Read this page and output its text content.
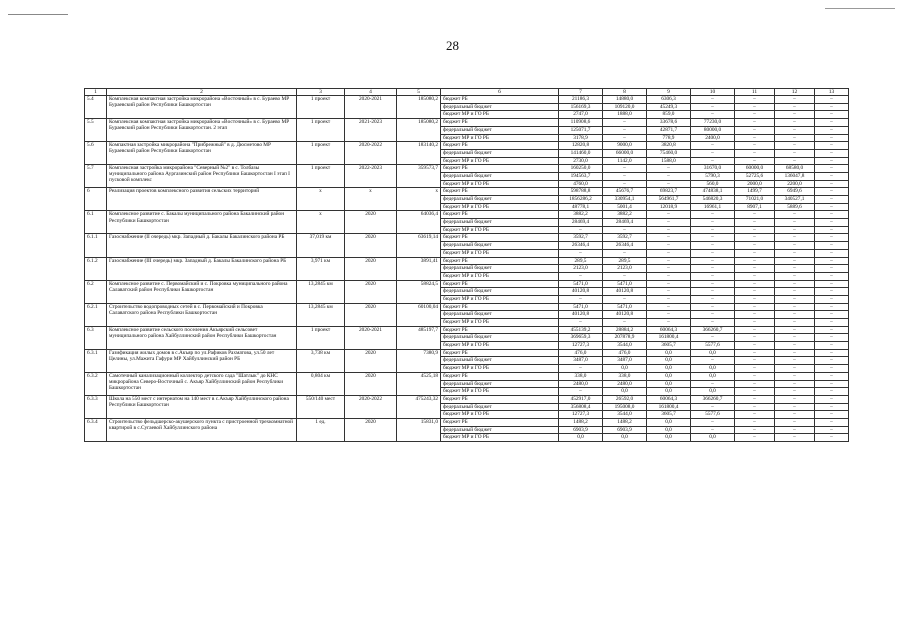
28
1	2	3	4	5	6	7	8	9	10	11	12	13
5.4	Комплексная компактная застройка микрорайона «Восточный» в с. Бураево МР Бураевский район Республики Башкортостан	1 проект	2020-2021	185080,2	бюджет РБ	21186,3	14880,0	6306,3	–	–	–	–
					федеральный бюджет	156169,3	109120,0	45249,3	–	–	–	–
					бюджет МР и ГО РБ	2747,0	1888,0	859,0	–	–	–	–
5.5	Комплексная компактная застройка микрорайона «Восточный» в с. Бураево МР Бураевский район Республики Башкортостан. 2 этап	1 проект	2021-2023	185080,2	бюджет РБ	110908,6	–	33678,6	77230,0	–	–	–
					федеральный бюджет	125071,7	–	42871,7	80000,0	–	–	–
					бюджет МР и ГО РБ	3178,9	–	778,9	2400,0	–	–	–
5.6	Компактная застройка микрорайона "Прибрежный" в д. Дюсметово МР Бураевский район Республики Башкортостан	1 проект	2020-2022	183140,2	бюджет РБ	12820,8	9000,0	3820,8	–	–	–	–
					федеральный бюджет	141460,0	66000,0	75460,0	–	–	–	–
					бюджет МР и ГО РБ	2730,0	1142,0	1588,0	–	–	–	–
5.7	Комплексная застройка микрорайона "Северный №2" в с. Толбазы муниципального района Аургазинский район Республики Башкортостан I этап I пусковой комплекс	1 проект	2022-2023	359573,7	бюджет РБ	160250,0	–	–	31670,0	60000,0	68580,0	–
					федеральный бюджет	194563,7	–	–	5790,3	52725,6	136047,8	–
					бюджет МР и ГО РБ	4760,0	–	–	560,0	2000,0	2200,0	–
6	Реализация проектов комплексного развития сельских территорий	х	х	х	бюджет РБ	598788,8	45676,7	69823,7	474838,1	1499,7	6949,6	–
					федеральный бюджет	1856286,2	330954,1	564961,7	546820,3	71021,0	340527,1	–
					бюджет МР и ГО РБ	48778,1	5001,4	12018,9	16961,1	8907,1	5889,6	–
6.1	Комплексное развитие с. Бакалы муниципального района Бакалинский район Республики Башкортостан	х	2020	64036,4	бюджет РБ	3882,2	3882,2	–	–	–	–	–
					федеральный бюджет	28469,4	28469,4	–	–	–	–	–
					бюджет МР и ГО РБ	–	–	–	–	–	–	–
6.1.1	Газоснабжение (II очередь) мкр. Западный д. Бакалы Бакалинского района РБ	37,019 км	2020	63619,14	бюджет РБ	3592,7	3592,7	–	–	–	–	–
					федеральный бюджет	26346,4	26346,4	–	–	–	–	–
					бюджет МР и ГО РБ	–	–	–	–	–	–	–
6.1.2	Газоснабжение (III очередь) мкр. Западный д. Бакалы Бакалинского района РБ	3,971 км	2020	3891,41	бюджет РБ	289,5	289,5	–	–	–	–	–
					федеральный бюджет	2123,0	2123,0	–	–	–	–	–
					бюджет МР и ГО РБ	–	–	–	–	–	–	–
6.2	Комплексное развитие с. Первомайский и с. Покровка муниципального района Салаватский район Республики Башкортостан	13,2845 км	2020	58824,5	бюджет РБ	5471,0	5471,0	–	–	–	–	–
					федеральный бюджет	40120,8	40120,8	–	–	–	–	–
					бюджет МР и ГО РБ	–	–	–	–	–	–	–
6.2.1	Строительство водопроводных сетей в с. Первомайский и Покровка Салаватского района Республики Башкортостан	13,2845 км	2020	60100,04	бюджет РБ	5471,0	5471,0	–	–	–	–	–
					федеральный бюджет	40120,8	40120,8	–	–	–	–	–
					бюджет МР и ГО РБ	–	–	–	–	–	–	–
6.3	Комплексное развитие сельского поселения Акъярский сельсовет муниципального района Хайбуллинский район Республики Башкортостан	1 проект	2020-2021	485197,7	бюджет РБ	455139,2	28884,2	60064,3	366260,7	–	–	–
					федеральный бюджет	369659,3	207878,9	161800,4	–	–	–	–
					бюджет МР и ГО РБ	12727,3	3544,0	3605,7	5577,6	–	–	–
6.3.1	Газификация жилых домов в с.Акъяр по ул.Рафиков Рахматова, ул.50 лет Целины, ул.Мажита Гафури МР Хайбуллинский район РБ	3,738 км	2020	7380,9	бюджет РБ	476,0	476,0	0,0	0,0	–	–	–
					федеральный бюджет	3487,0	3487,0	0,0	–	–	–	–
					бюджет МР и ГО РБ	–	0,0	0,0	0,0	–	–	–
6.3.2	Самотечный канализационный коллектор детского сада "Шатлык" до КНС микрорайона Северо-Восточный с. Акъяр Хайбуллинский район Республики Башкортостан	0,804 км	2020	4525,18	бюджет РБ	338,0	338,0	0,0	0,0	–	–	–
					федеральный бюджет	2480,0	2480,0	0,0	–	–	–	–
					бюджет МР и ГО РБ	–	0,0	0,0	0,0	–	–	–
6.3.3	Школа на 550 мест с интернатом на 140 мест в с.Акъяр Хайбуллинского района Республики Башкортостан	550/140 мест	2020-2022	475243,32	бюджет РБ	452917,0	26592,0	60064,3	366260,7	–	–	–
					федеральный бюджет	356808,4	195008,0	161800,4	–	–	–	–
					бюджет МР и ГО РБ	12727,3	3544,0	3605,7	5577,6	–	–	–
6.3.4	Строительство фельдшерско-акушерского пункта с пристроенной трехкомнатной квартирой в с.Сугаевой Хайбуллинского района	1 ед.	2020	15831,0	бюджет РБ	1488,2	1488,2	0,0	–	–	–	–
					федеральный бюджет	6903,9	6903,9	0,0	–	–	–	–
					бюджет МР и ГО РБ	0,0	0,0	0,0	0,0	–	–	–
